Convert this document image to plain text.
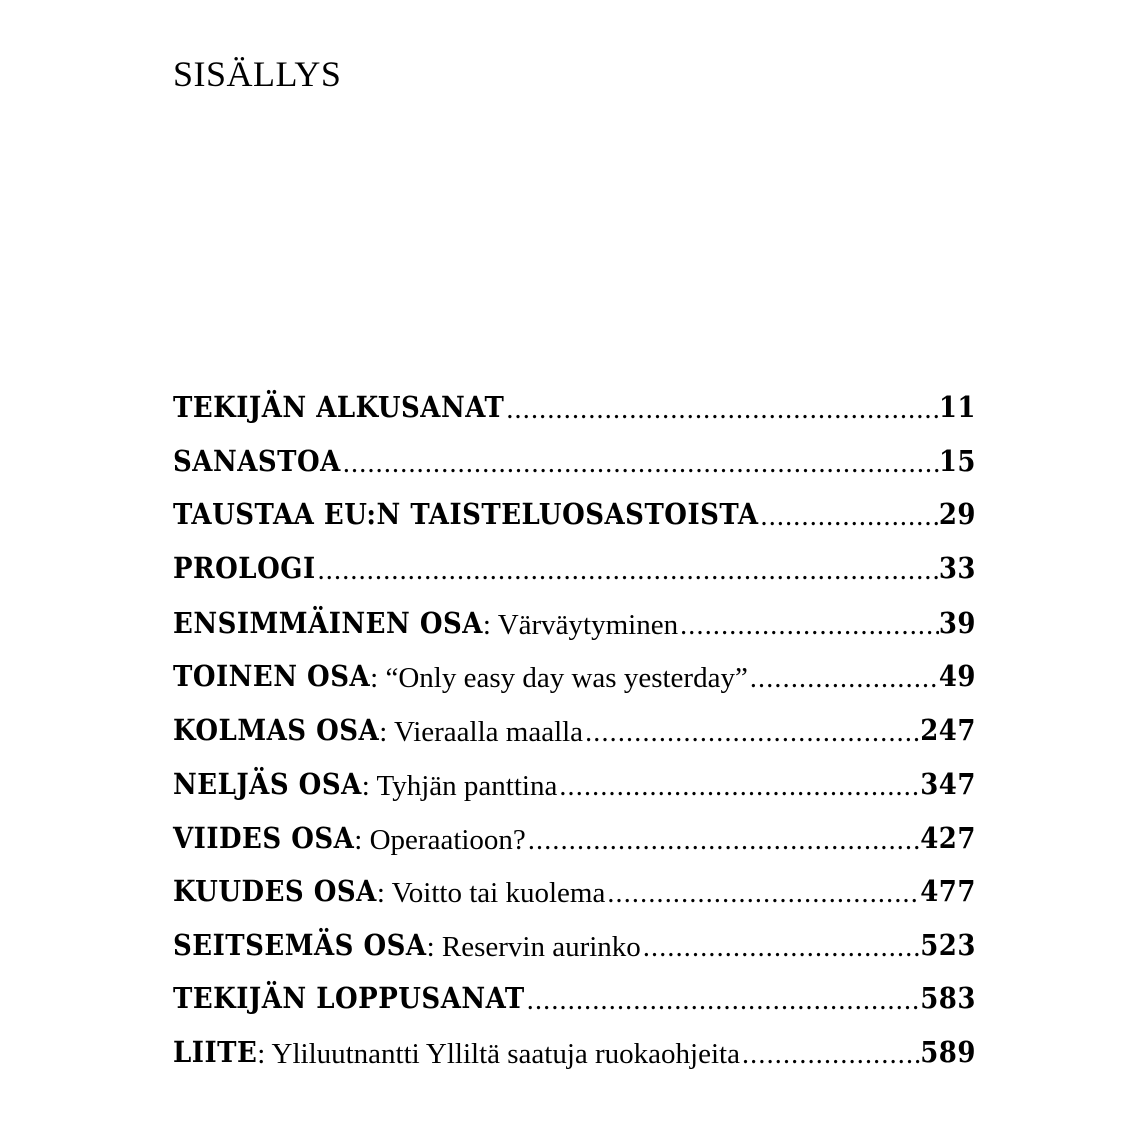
SISÄLLYS
TEKIJÄN ALKUSANAT .....	11
SANASTOA .....	15
TAUSTAA EU:N TAISTELUOSASTOISTA .....	29
PROLOGI .....	33
ENSIMMÄINEN OSA : Värväytyminen .....	39
TOINEN OSA : “Only easy day was yesterday” .....	49
KOLMAS OSA : Vieraalla maalla .....	247
NELJÄS OSA : Tyhjän panttina .....	347
VIIDES OSA : Operaatioon? .....	427
KUUDES OSA : Voitto tai kuolema .....	477
SEITSEMÄS OSA : Reservin aurinko .....	523
TEKIJÄN LOPPUSANAT .....	583
LIITE : Yliluutnantti Ylliltä saatuja ruokaohjeita .....	589
